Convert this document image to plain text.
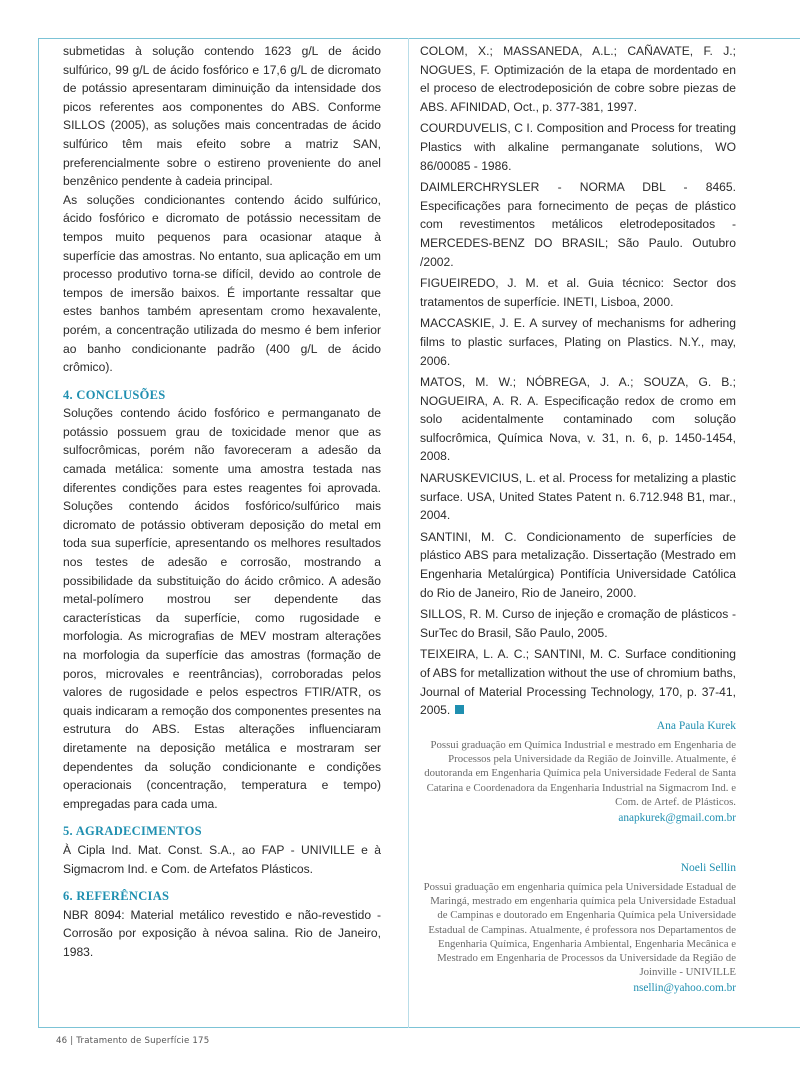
submetidas à solução contendo 1623 g/L de ácido sulfúrico, 99 g/L de ácido fosfórico e 17,6 g/L de dicromato de potássio apresentaram diminuição da intensidade dos picos referentes aos componentes do ABS. Conforme SILLOS (2005), as soluções mais concentradas de ácido sulfúrico têm mais efeito sobre a matriz SAN, preferencialmente sobre o estireno proveniente do anel benzênico pendente à cadeia principal.

As soluções condicionantes contendo ácido sulfúrico, ácido fosfórico e dicromato de potássio necessitam de tempos muito pequenos para ocasionar ataque à superfície das amostras. No entanto, sua aplicação em um processo produtivo torna-se difícil, devido ao controle de tempos de imersão baixos. É importante ressaltar que estes banhos também apresentam cromo hexavalente, porém, a concentração utilizada do mesmo é bem inferior ao banho condicionante padrão (400 g/L de ácido crômico).

4. CONCLUSÕES

Soluções contendo ácido fosfórico e permanganato de potássio possuem grau de toxicidade menor que as sulfocrômicas, porém não favoreceram a adesão da camada metálica: somente uma amostra testada nas diferentes condições para estes reagentes foi aprovada. Soluções contendo ácidos fosfórico/sulfúrico mais dicromato de potássio obtiveram deposição do metal em toda sua superfície, apresentando os melhores resultados nos testes de adesão e corrosão, mostrando a possibilidade da substituição do ácido crômico. A adesão metal-polímero mostrou ser dependente das características da superfície, como rugosidade e morfologia. As micrografias de MEV mostram alterações na morfologia da superfície das amostras (formação de poros, microvales e reentrâncias), corroboradas pelos valores de rugosidade e pelos espectros FTIR/ATR, os quais indicaram a remoção dos componentes presentes na estrutura do ABS. Estas alterações influenciaram diretamente na deposição metálica e mostraram ser dependentes da solução condicionante e condições operacionais (concentração, temperatura e tempo) empregadas para cada uma.

5. AGRADECIMENTOS

À Cipla Ind. Mat. Const. S.A., ao FAP - UNIVILLE e à Sigmacrom Ind. e Com. de Artefatos Plásticos.

6. REFERÊNCIAS

NBR 8094: Material metálico revestido e não-revestido - Corrosão por exposição à névoa salina. Rio de Janeiro, 1983.

COLOM, X.; MASSANEDA, A.L.; CAÑAVATE, F. J.; NOGUES, F. Optimización de la etapa de mordentado en el proceso de electrodeposición de cobre sobre piezas de ABS. AFINIDAD, Oct., p. 377-381, 1997.

COURDUVELIS, C I. Composition and Process for treating Plastics with alkaline permanganate solutions, WO 86/00085 - 1986.

DAIMLERCHRYSLER - NORMA DBL - 8465. Especificações para fornecimento de peças de plástico com revestimentos metálicos eletrodepositados - MERCEDES-BENZ DO BRASIL; São Paulo. Outubro /2002.

FIGUEIREDO, J. M. et al. Guia técnico: Sector dos tratamentos de superfície. INETI, Lisboa, 2000.

MACCASKIE, J. E. A survey of mechanisms for adhering films to plastic surfaces, Plating on Plastics. N.Y., may, 2006.

MATOS, M. W.; NÓBREGA, J. A.; SOUZA, G. B.; NOGUEIRA, A. R. A. Especificação redox de cromo em solo acidentalmente contaminado com solução sulfocrômica, Química Nova, v. 31, n. 6, p. 1450-1454, 2008.

NARUSKEVICIUS, L. et al. Process for metalizing a plastic surface. USA, United States Patent n. 6.712.948 B1, mar., 2004.

SANTINI, M. C. Condicionamento de superfícies de plástico ABS para metalização. Dissertação (Mestrado em Engenharia Metalúrgica) Pontifícia Universidade Católica do Rio de Janeiro, Rio de Janeiro, 2000.

SILLOS, R. M. Curso de injeção e cromação de plásticos - SurTec do Brasil, São Paulo, 2005.

TEIXEIRA, L. A. C.; SANTINI, M. C. Surface conditioning of ABS for metallization without the use of chromium baths, Journal of Material Processing Technology, 170, p. 37-41, 2005.

Ana Paula Kurek
Possui graduação em Química Industrial e mestrado em Engenharia de Processos pela Universidade da Região de Joinville. Atualmente, é doutoranda em Engenharia Química pela Universidade Federal de Santa Catarina e Coordenadora da Engenharia Industrial na Sigmacrom Ind. e Com. de Artef. de Plásticos.
anapkurek@gmail.com.br
Noeli Sellin
Possui graduação em engenharia química pela Universidade Estadual de Maringá, mestrado em engenharia química pela Universidade Estadual de Campinas e doutorado em Engenharia Química pela Universidade Estadual de Campinas. Atualmente, é professora nos Departamentos de Engenharia Química, Engenharia Ambiental, Engenharia Mecânica e Mestrado em Engenharia de Processos da Universidade da Região de Joinville - UNIVILLE
nsellin@yahoo.com.br
46 | Tratamento de Superfície 175
